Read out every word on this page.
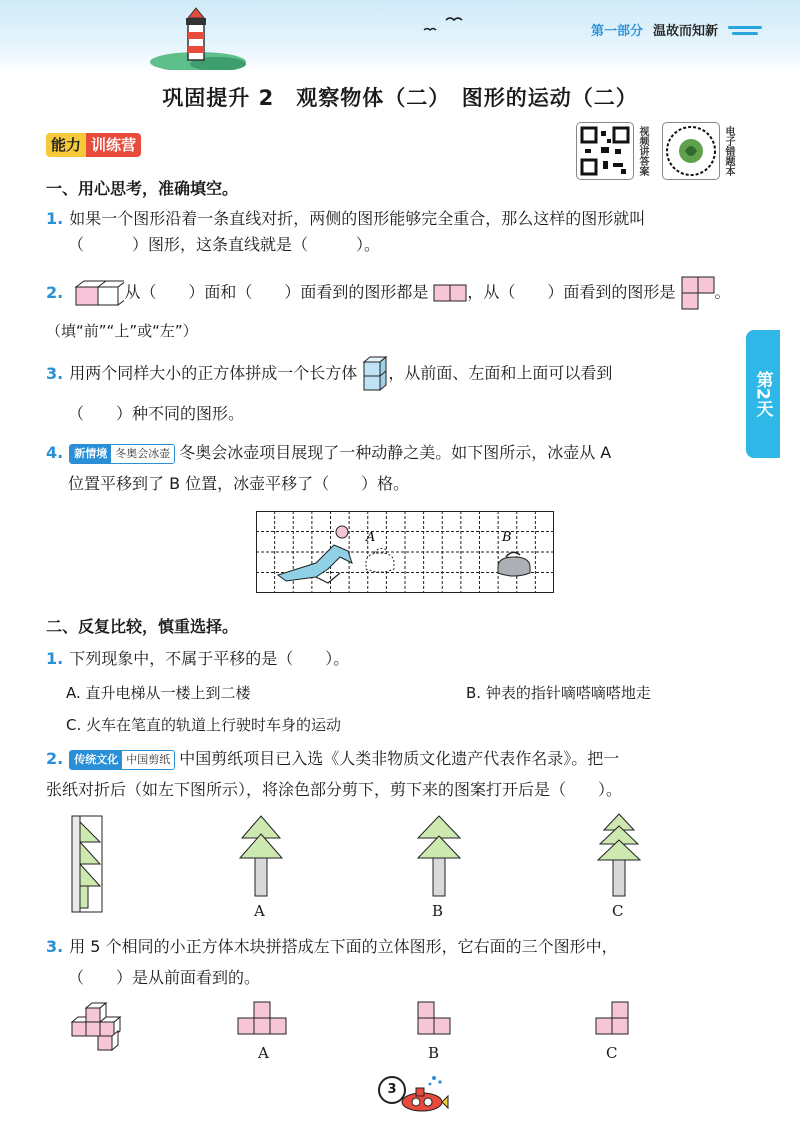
第一部分 温故而知新
巩固提升 2　观察物体（二）　图形的运动（二）
能力 训练营	视频讲答案	电子错题本
第2天
一、用心思考，准确填空。
1. 如果一个图形沿着一条直线对折，两侧的图形能够完全重合，那么这样的图形就叫
（　　　）图形，这条直线就是（　　　）。
2.	从（　　）面和（　　）面看到的图形都是 ，从（　　）面看到的图形是 。
（填“前”“上”或“左”）
3. 用两个同样大小的正方体拼成一个长方体 ，从前面、左面和上面可以看到
（　　）种不同的图形。
4.	新情境 冬奥会冰壶 冬奥会冰壶项目展现了一种动静之美。如下图所示，冰壶从 A
位置平移到了 B 位置，冰壶平移了（　　）格。
A	B
二、反复比较，慎重选择。
1. 下列现象中，不属于平移的是（　　）。
A. 直升电梯从一楼上到二楼	B. 钟表的指针嘀嗒嘀嗒地走
C. 火车在笔直的轨道上行驶时车身的运动
2.	传统文化 中国剪纸 中国剪纸项目已入选《人类非物质文化遗产代表作名录》。把一
张纸对折后（如左下图所示），将涂色部分剪下，剪下来的图案打开后是（　　）。
A	B	C
3. 用 5 个相同的小正方体木块拼搭成左下面的立体图形，它右面的三个图形中，
（　　）是从前面看到的。
A	B	C
3
